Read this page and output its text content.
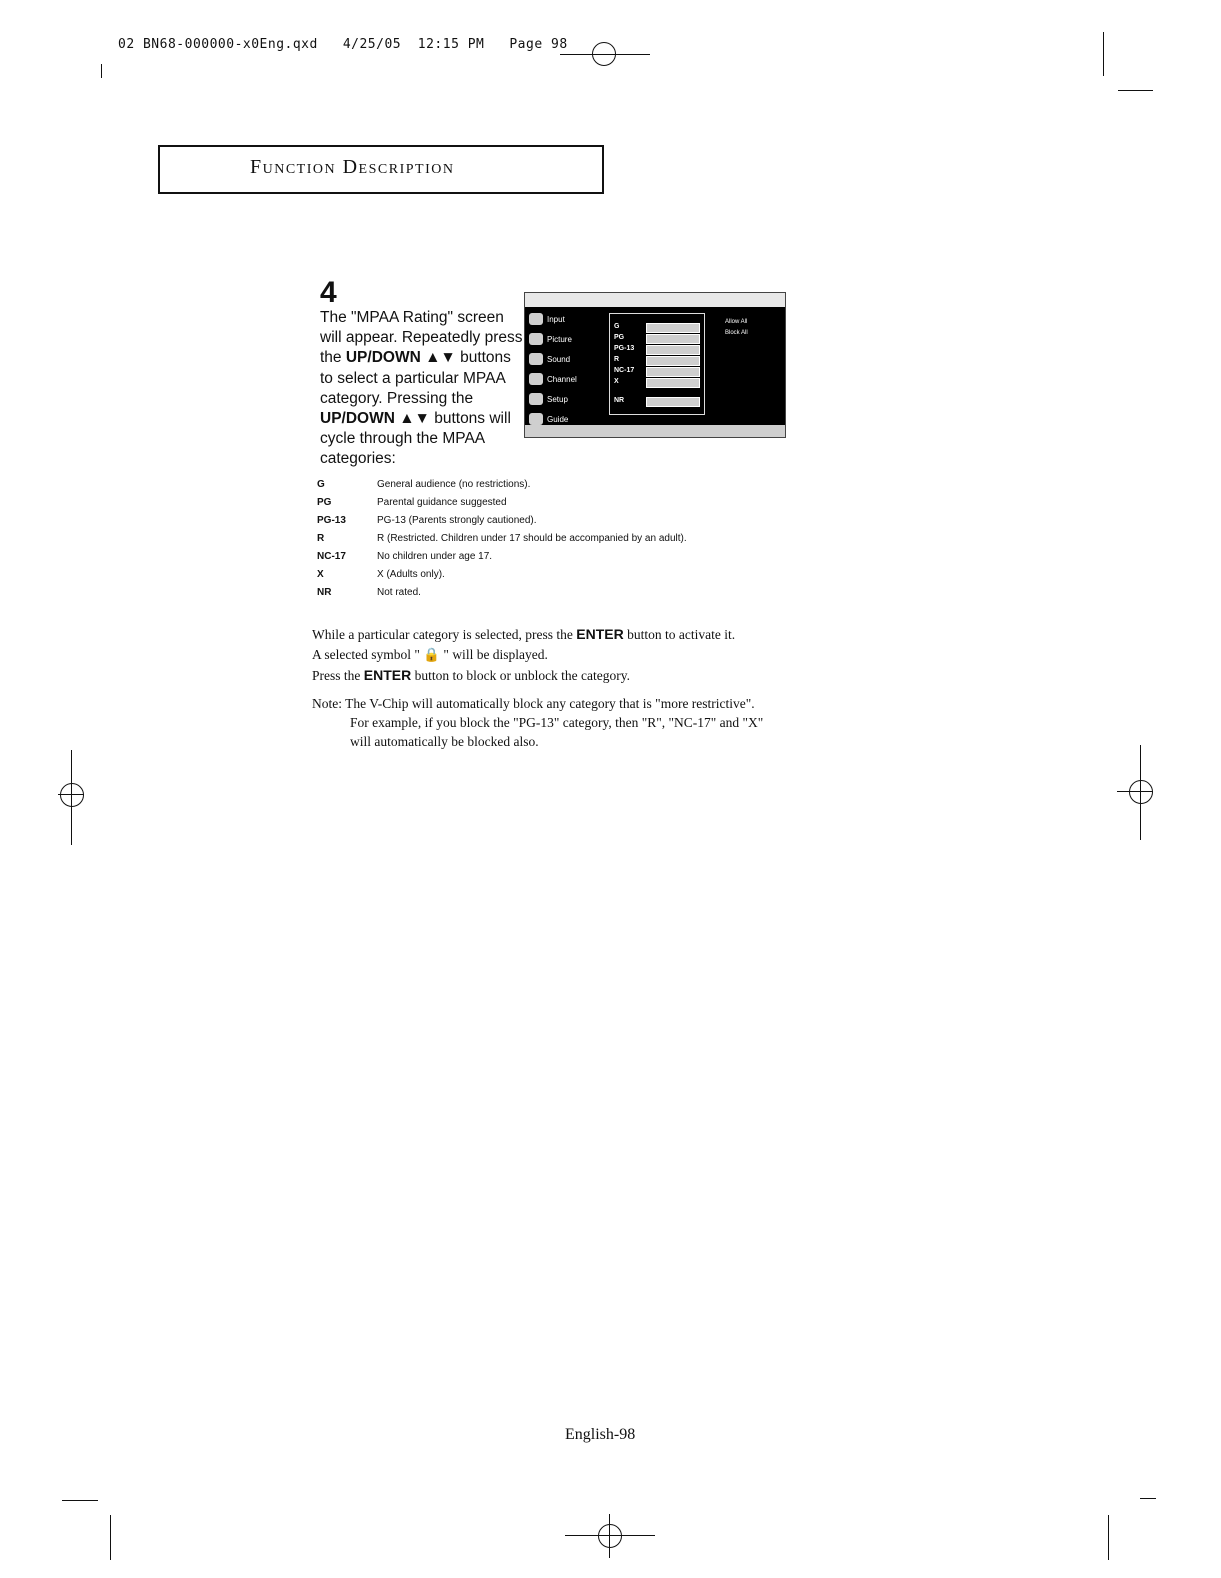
02 BN68-000000-x0Eng.qxd   4/25/05  12:15 PM   Page 98
Function Description
4
The "MPAA Rating" screen will appear. Repeatedly press the UP/DOWN ▲▼ buttons to select a particular MPAA category. Pressing the UP/DOWN ▲▼ buttons will cycle through the MPAA categories:
Input
Picture
Sound
Channel
Setup
Guide
G
PG
PG-13
R
NC-17
X
NR
Allow All
Block All
G	General audience (no restrictions).
PG	Parental guidance suggested
PG-13	PG-13 (Parents strongly cautioned).
R	R (Restricted. Children under 17 should be accompanied by an adult).
NC-17	No children under age 17.
X	X (Adults only).
NR	Not rated.
While a particular category is selected, press the ENTER button to activate it.
A selected symbol " 🔒 " will be displayed.
Press the ENTER button to block or unblock the category.
Note: The V-Chip will automatically block any category that is "more restrictive".
For example, if you block the "PG-13" category, then "R", "NC-17" and "X"
will automatically be blocked also.
English-98
